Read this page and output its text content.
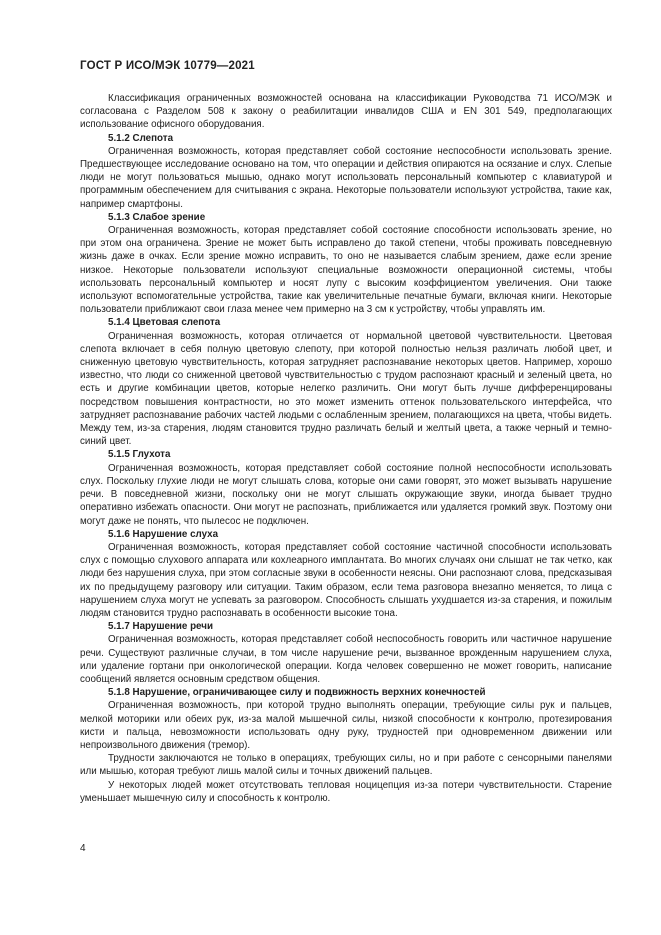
ГОСТ Р ИСО/МЭК 10779—2021

Классификация ограниченных возможностей основана на классификации Руководства 71 ИСО/МЭК и согласована с Разделом 508 к закону о реабилитации инвалидов США и EN 301 549, предполагающих использование офисного оборудования.

5.1.2 Слепота

Ограниченная возможность, которая представляет собой состояние неспособности использовать зрение. Предшествующее исследование основано на том, что операции и действия опираются на осязание и слух. Слепые люди не могут пользоваться мышью, однако могут использовать персональный компьютер с клавиатурой и программным обеспечением для считывания с экрана. Некоторые пользователи используют устройства, такие как, например смартфоны.

5.1.3 Слабое зрение

Ограниченная возможность, которая представляет собой состояние способности использовать зрение, но при этом она ограничена. Зрение не может быть исправлено до такой степени, чтобы проживать повседневную жизнь даже в очках. Если зрение можно исправить, то оно не называется слабым зрением, даже если зрение низкое. Некоторые пользователи используют специальные возможности операционной системы, чтобы использовать персональный компьютер и носят лупу с высоким коэффициентом увеличения. Они также используют вспомогательные устройства, такие как увеличительные печатные бумаги, включая книги. Некоторые пользователи приближают свои глаза менее чем примерно на 3 см к устройству, чтобы управлять им.

5.1.4 Цветовая слепота

Ограниченная возможность, которая отличается от нормальной цветовой чувствительности. Цветовая слепота включает в себя полную цветовую слепоту, при которой полностью нельзя различать любой цвет, и сниженную цветовую чувствительность, которая затрудняет распознавание некоторых цветов. Например, хорошо известно, что люди со сниженной цветовой чувствительностью с трудом распознают красный и зеленый цвета, но есть и другие комбинации цветов, которые нелегко различить. Они могут быть лучше дифференцированы посредством повышения контрастности, но это может изменить оттенок пользовательского интерфейса, что затрудняет распознавание рабочих частей людьми с ослабленным зрением, полагающихся на цвета, чтобы видеть. Между тем, из-за старения, людям становится трудно различать белый и желтый цвета, а также черный и темно-синий цвет.

5.1.5 Глухота

Ограниченная возможность, которая представляет собой состояние полной неспособности использовать слух. Поскольку глухие люди не могут слышать слова, которые они сами говорят, это может вызывать нарушение речи. В повседневной жизни, поскольку они не могут слышать окружающие звуки, иногда бывает трудно оперативно избежать опасности. Они могут не распознать, приближается или удаляется громкий звук. Поэтому они могут даже не понять, что пылесос не подключен.

5.1.6 Нарушение слуха

Ограниченная возможность, которая представляет собой состояние частичной способности использовать слух с помощью слухового аппарата или кохлеарного имплантата. Во многих случаях они слышат не так четко, как люди без нарушения слуха, при этом согласные звуки в особенности неясны. Они распознают слова, предсказывая их по предыдущему разговору или ситуации. Таким образом, если тема разговора внезапно меняется, то лица с нарушением слуха могут не успевать за разговором. Способность слышать ухудшается из-за старения, и пожилым людям становится трудно распознавать в особенности высокие тона.

5.1.7 Нарушение речи

Ограниченная возможность, которая представляет собой неспособность говорить или частичное нарушение речи. Существуют различные случаи, в том числе нарушение речи, вызванное врожденным нарушением слуха, или удаление гортани при онкологической операции. Когда человек совершенно не может говорить, написание сообщений является основным средством общения.

5.1.8 Нарушение, ограничивающее силу и подвижность верхних конечностей

Ограниченная возможность, при которой трудно выполнять операции, требующие силы рук и пальцев, мелкой моторики или обеих рук, из-за малой мышечной силы, низкой способности к контролю, протезирования кисти и пальца, невозможности использовать одну руку, трудностей при одновременном движении или непроизвольного движения (тремор).

Трудности заключаются не только в операциях, требующих силы, но и при работе с сенсорными панелями или мышью, которая требуют лишь малой силы и точных движений пальцев.

У некоторых людей может отсутствовать тепловая ноцицепция из-за потери чувствительности. Старение уменьшает мышечную силу и способность к контролю.

4
